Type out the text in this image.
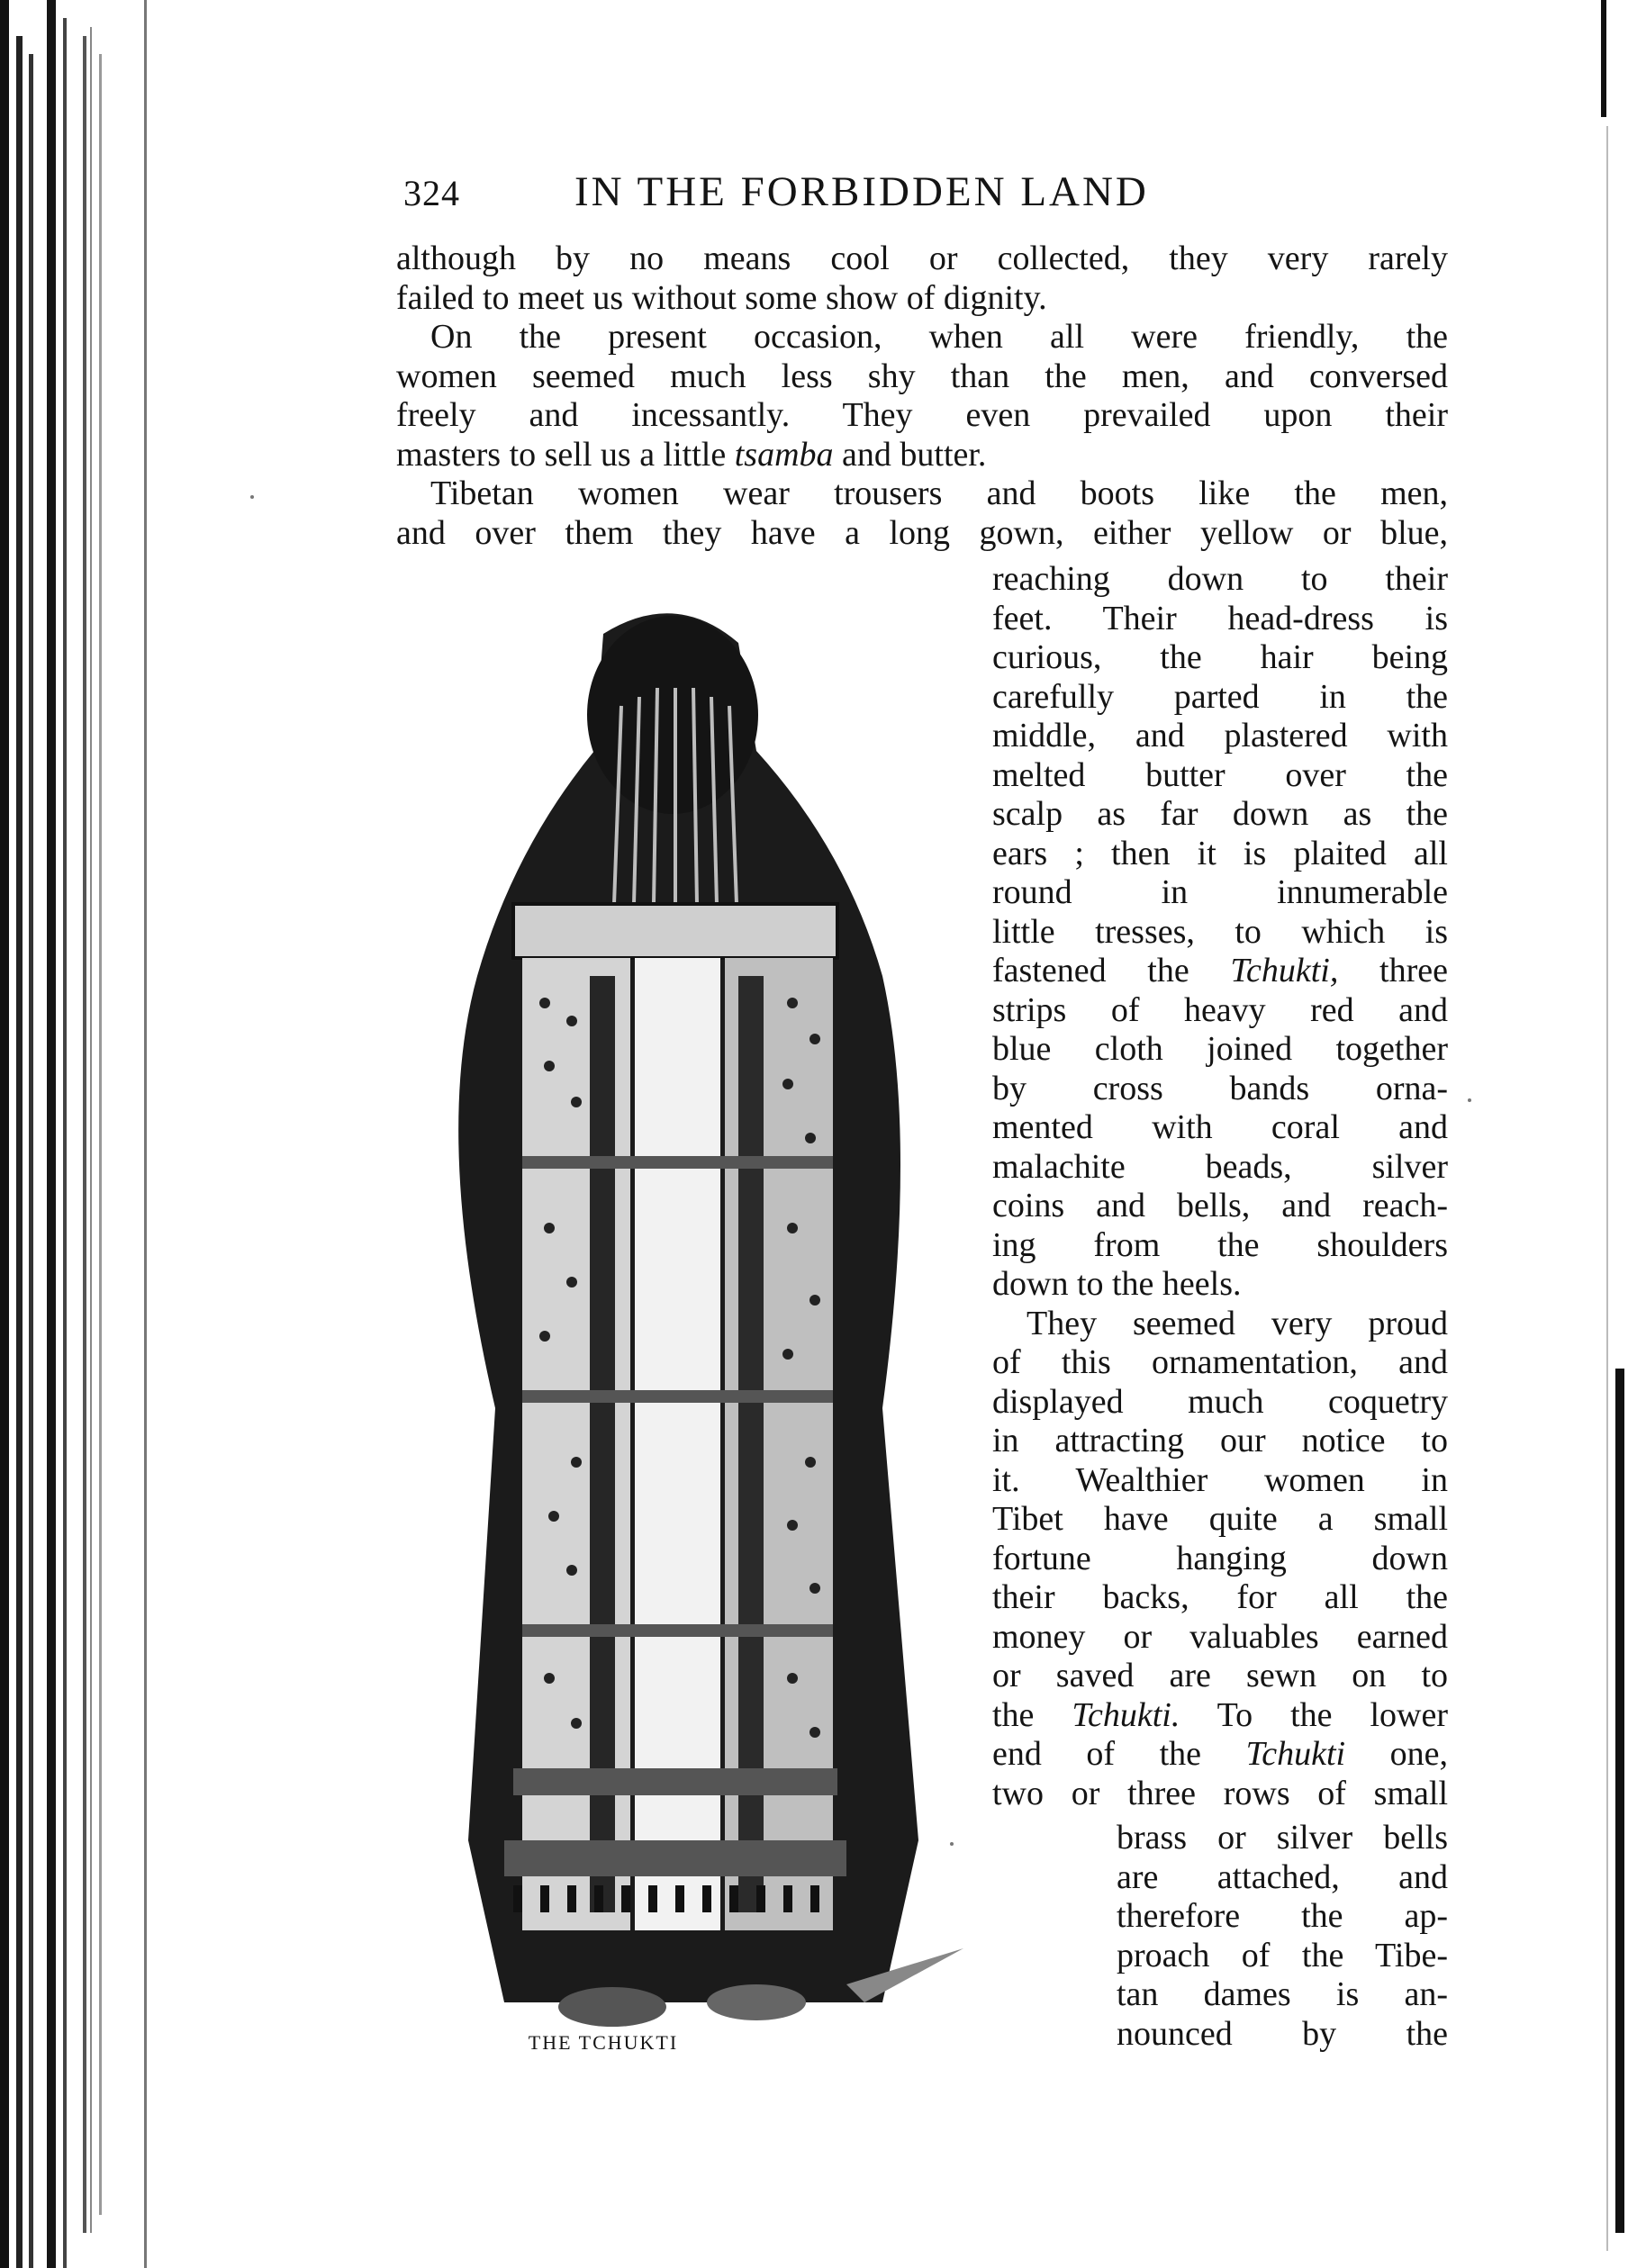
324	IN THE FORBIDDEN LAND
although by no means cool or collected, they very rarely
failed to meet us without some show of dignity.
On the present occasion, when all were friendly, the
women seemed much less shy than the men, and conversed
freely and incessantly. They even prevailed upon their
masters to sell us a little tsamba and butter.
Tibetan women wear trousers and boots like the men,
and over them they have a long gown, either yellow or blue,
reaching down to their
feet. Their head-dress is
curious, the hair being
carefully parted in the
middle, and plastered with
melted butter over the
scalp as far down as the
ears ; then it is plaited all
round in innumerable
little tresses, to which is
fastened the Tchukti, three
strips of heavy red and
blue cloth joined together
by cross bands orna-
mented with coral and
malachite beads, silver
coins and bells, and reach-
ing from the shoulders
down to the heels.
They seemed very proud
of this ornamentation, and
displayed much coquetry
in attracting our notice to
it. Wealthier women in
Tibet have quite a small
fortune hanging down
their backs, for all the
money or valuables earned
or saved are sewn on to
the Tchukti. To the lower
end of the Tchukti one,
two or three rows of small
brass or silver bells
are attached, and
therefore the ap-
proach of the Tibe-
tan dames is an-
nounced by the
THE TCHUKTI
